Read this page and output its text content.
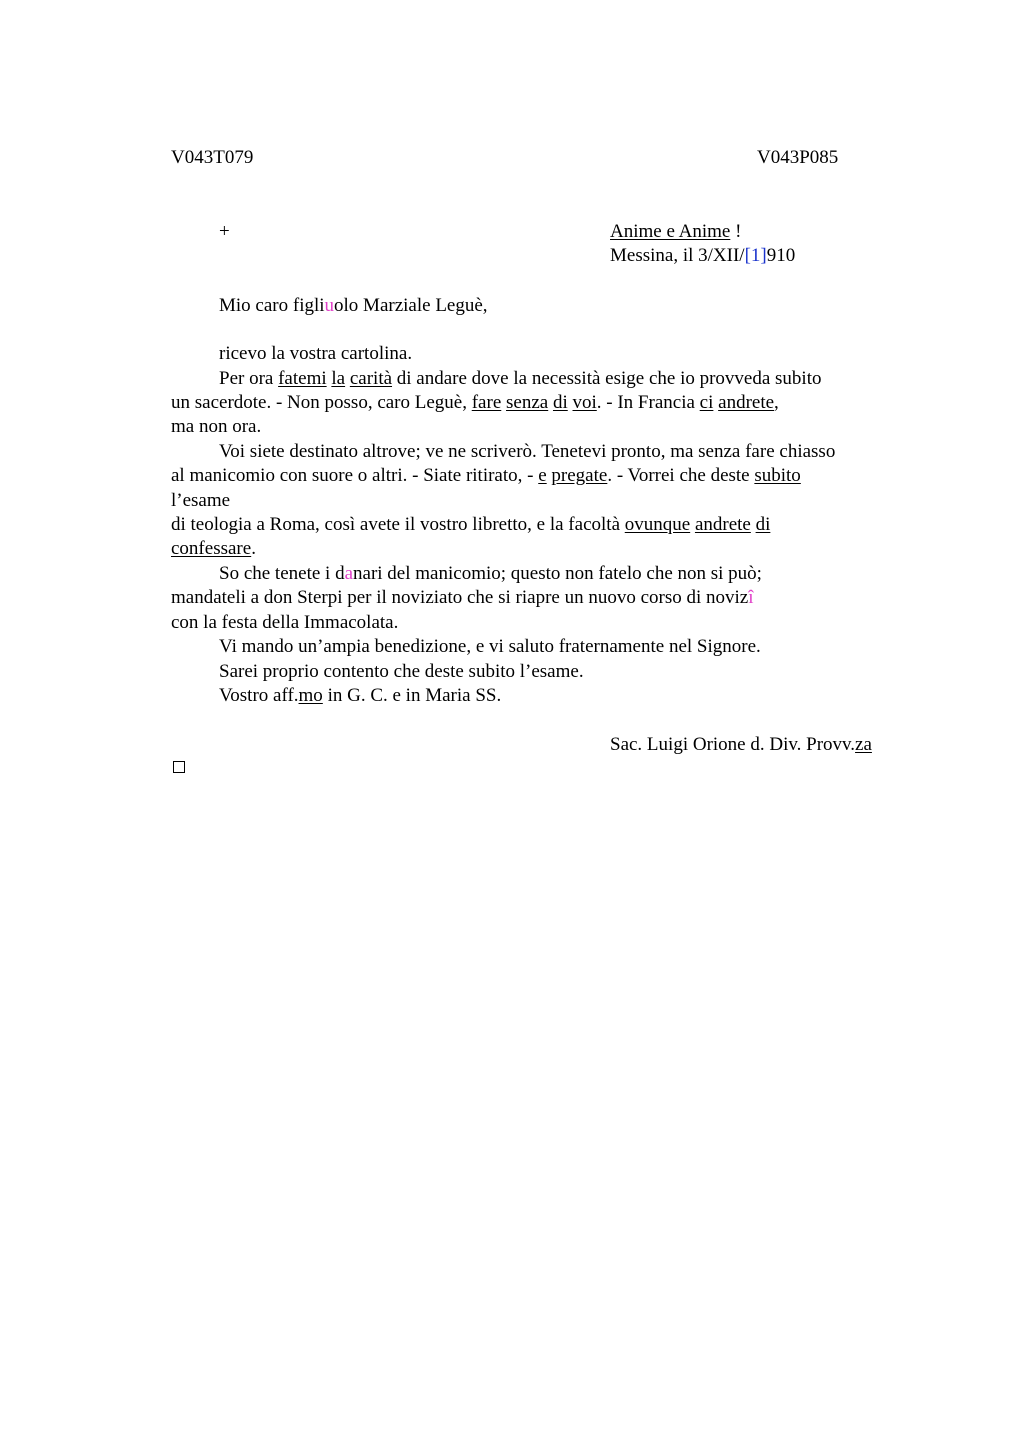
V043T079	V043P085
+	Anime e Anime !
Messina, il 3/XII/[1]910
Mio caro figliuolo Marziale Leguè,
ricevo la vostra cartolina.
Per ora fatemi la carità di andare dove la necessità esige che io provveda subito
un sacerdote. - Non posso, caro Leguè, fare senza di voi. - In Francia ci andrete,
ma non ora.
Voi siete destinato altrove; ve ne scriverò. Tenetevi pronto, ma senza fare chiasso
al manicomio con suore o altri. - Siate ritirato, - e pregate. - Vorrei che deste subito
l’esame
di teologia a Roma, così avete il vostro libretto, e la facoltà ovunque andrete di
confessare.
So che tenete i danari del manicomio; questo non fatelo che non si può;
mandateli a don Sterpi per il noviziato che si riapre un nuovo corso di novizî
con la festa della Immacolata.
Vi mando un’ampia benedizione, e vi saluto fraternamente nel Signore.
Sarei proprio contento che deste subito l’esame.
Vostro aff.mo in G. C. e in Maria SS.
Sac. Luigi Orione d. Div. Provv.za
